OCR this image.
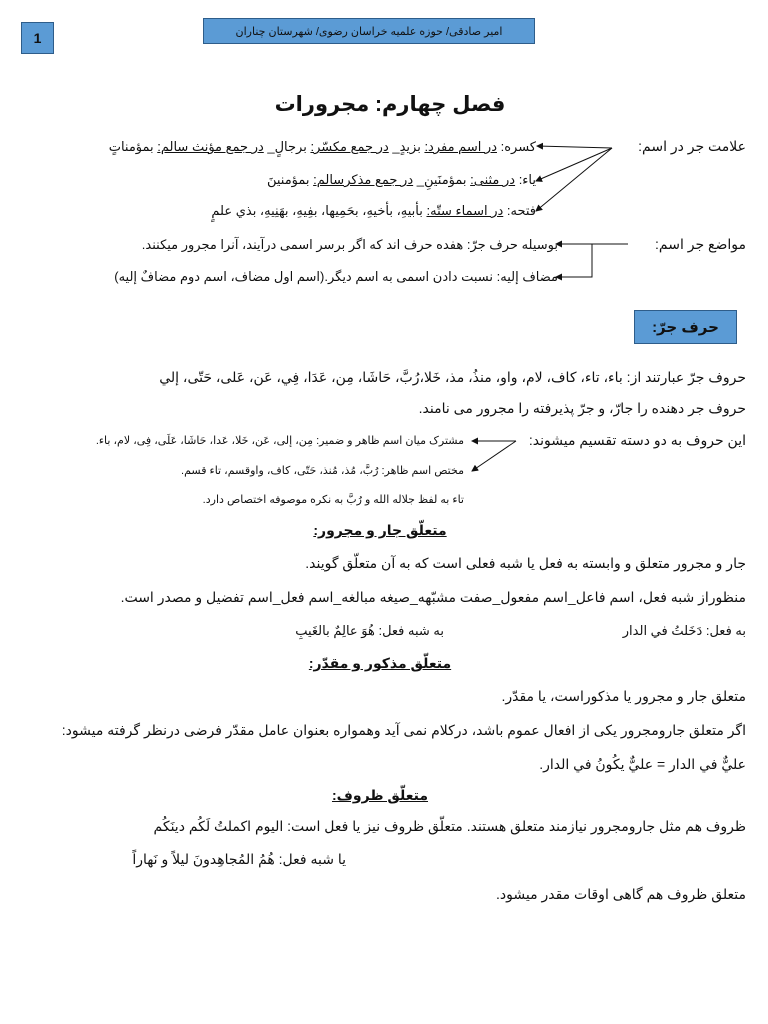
1	امیر صادقی/ حوزه علمیه خراسان رضوی/ شهرستان چناران
فصل چهارم: مجرورات
علامت جر در اسم:
کسره: در اسم مفرد: بزیدٍ_ در جمع مکسّر: برجالٍ_ در جمع مؤنث سالم: بمؤمناتٍ
یاء: در مثنی: بمؤمنَینِ_ در جمع مذکرسالم: بمؤمنینَ
فتحه: در اسماء ستّه: بأبیهِ، بأخیهِ، بحَمِیها، بفِیهِ، بهَنِیهِ، بذي علمٍ
مواضع جر اسم:
بوسیله حرف جرّ: هفده حرف اند که اگر برسر اسمی درآیند، آنرا مجرور میکنند.
مضاف إلیه: نسبت دادن اسمی به اسم دیگر.(اسم اول مضاف، اسم دوم مضافٌ إلیه)
حرف جرّ:
حروف جرّ عبارتند از: باء، تاء، کاف، لام، واو، منذُ، مذ، خَلا،رُبَّ، حَاشَا، مِن، عَدَا، فِي، عَن، عَلی، حَتّی، إلي
حروف جر دهنده را جارّ، و جرّ پذیرفته را مجرور می نامند.
این حروف به دو دسته تقسیم میشوند:
مشترک میان اسم ظاهر و ضمیر: مِن، إلی، عَن، خَلا، عَدا، حَاشَا، عَلَی، فِی، لام، باء.
مختص اسم ظاهر: رُبَّ، مُذ، مُنذ، حَتّی، کاف، واوقسم، تاء قسم.
تاء به لفظ جلاله الله و رُبَّ به نکره موصوفه اختصاص دارد.
متعلّق جار و مجرور:
جار و مجرور متعلق و وابسته به فعل یا شبه فعلی است که به آن متعلّق گویند.
منظوراز شبه فعل، اسم فاعل_اسم مفعول_صفت مشبّهه_صیغه مبالغه_اسم فعل_اسم تفضیل و مصدر است.
به فعل: دَخَلتُ في الدار
به شبه فعل: هُوَ عالِمٌ بالغَیبِ
متعلّق مذکور و مقدّر:
متعلق جار و مجرور یا مذکوراست، یا مقدّر.
اگر متعلق جارومجرور یکی از افعال عموم باشد، درکلام نمی آید وهمواره بعنوان عامل مقدّر فرضی درنظر گرفته میشود:
عليٌّ في الدار = عليٌّ یکُونُ في الدار.
متعلّق ظروف:
ظروف هم مثل جارومجرور نیازمند متعلق هستند. متعلّق ظروف نیز یا فعل است: الیوم اکملتُ لَکُم دینَکُم
یا شبه فعل: هُمُ المُجاهِدونَ لیلاً و نَهاراً
متعلق ظروف هم گاهی اوقات مقدر میشود.
